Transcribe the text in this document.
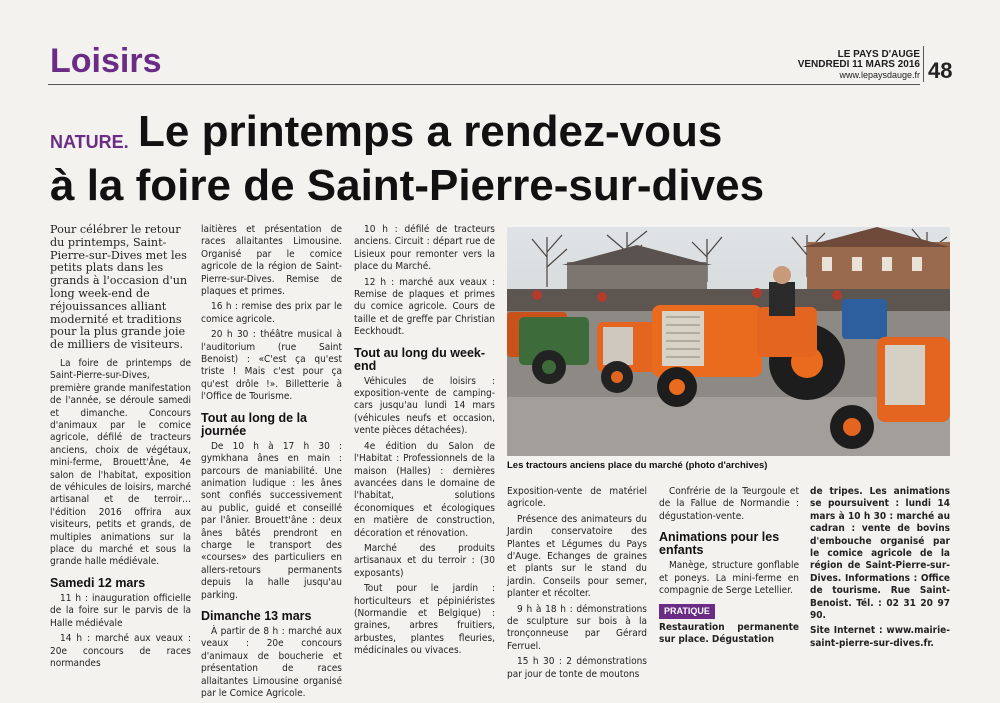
Loisirs	LE PAYS D'AUGE
VENDREDI 11 MARS 2016
www.lepaysdauge.fr 48
NATURE. Le printemps a rendez-vous
à la foire de Saint-Pierre-sur-dives

Pour célébrer le retour du printemps, Saint-Pierre-sur-Dives met les petits plats dans les grands à l'occasion d'un long week-end de réjouissances alliant modernité et traditions pour la plus grande joie de milliers de visiteurs.

La foire de printemps de Saint-Pierre-sur-Dives, première grande manifestation de l'année, se déroule samedi et dimanche. Concours d'animaux par le comice agricole, défilé de tracteurs anciens, choix de végétaux, mini-ferme, Brouett'Âne, 4e salon de l'habitat, exposition de véhicules de loisirs, marché artisanal et de terroir… l'édition 2016 offrira aux visiteurs, petits et grands, de multiples animations sur la place du marché et sous la grande halle médiévale.

Samedi 12 mars

11 h : inauguration officielle de la foire sur le parvis de la Halle médiévale

14 h : marché aux veaux : 20e concours de races normandes

laitières et présentation de races allaitantes Limousine. Organisé par le comice agricole de la région de Saint-Pierre-sur-Dives. Remise de plaques et primes.

16 h : remise des prix par le comice agricole.

20 h 30 : théâtre musical à l'auditorium (rue Saint Benoist) : «C'est ça qu'est triste ! Mais c'est pour ça qu'est drôle !». Billetterie à l'Office de Tourisme.

Tout au long de la journée

De 10 h à 17 h 30 : gymkhana ânes en main : parcours de maniabilité. Une animation ludique : les ânes sont confiés successivement au public, guidé et conseillé par l'ânier. Brouett'âne : deux ânes bâtés prendront en charge le transport des «courses» des particuliers en allers-retours permanents depuis la halle jusqu'au parking.

Dimanche 13 mars

À partir de 8 h : marché aux veaux : 20e concours d'animaux de boucherie et présentation de races allaitantes Limousine organisé par le Comice Agricole.

10 h : défilé de tracteurs anciens. Circuit : départ rue de Lisieux pour remonter vers la place du Marché.

12 h : marché aux veaux : Remise de plaques et primes du comice agricole. Cours de taille et de greffe par Christian Eeckhoudt.

Tout au long du week-end

Véhicules de loisirs : exposition-vente de camping-cars jusqu'au lundi 14 mars (véhicules neufs et occasion, vente pièces détachées).

4e édition du Salon de l'Habitat : Professionnels de la maison (Halles) : dernières avancées dans le domaine de l'habitat, solutions économiques et écologiques en matière de construction, décoration et rénovation.

Marché des produits artisanaux et du terroir : (30 exposants)

Tout pour le jardin : horticulteurs et pépiniéristes (Normandie et Belgique) : graines, arbres fruitiers, arbustes, plantes fleuries, médicinales ou vivaces.

Les tractours anciens place du marché (photo d'archives)

Exposition-vente de matériel agricole.

Présence des animateurs du Jardin conservatoire des Plantes et Légumes du Pays d'Auge. Echanges de graines et plants sur le stand du jardin. Conseils pour semer, planter et récolter.

9 h à 18 h : démonstrations de sculpture sur bois à la tronçonneuse par Gérard Ferruel.

15 h 30 : 2 démonstrations par jour de tonte de moutons

Confrérie de la Teurgoule et de la Fallue de Normandie : dégustation-vente.

Animations pour les enfants

Manège, structure gonflable et poneys. La mini-ferme en compagnie de Serge Letellier.

PRATIQUE

Restauration permanente sur place. Dégustation

de tripes. Les animations se poursuivent : lundi 14 mars à 10 h 30 : marché au cadran : vente de bovins d'embouche organisé par le comice agricole de la région de Saint-Pierre-sur-Dives. Informations : Office de tourisme. Rue Saint-Benoist. Tél. : 02 31 20 97 90.

Site Internet : www.mairie-saint-pierre-sur-dives.fr.
